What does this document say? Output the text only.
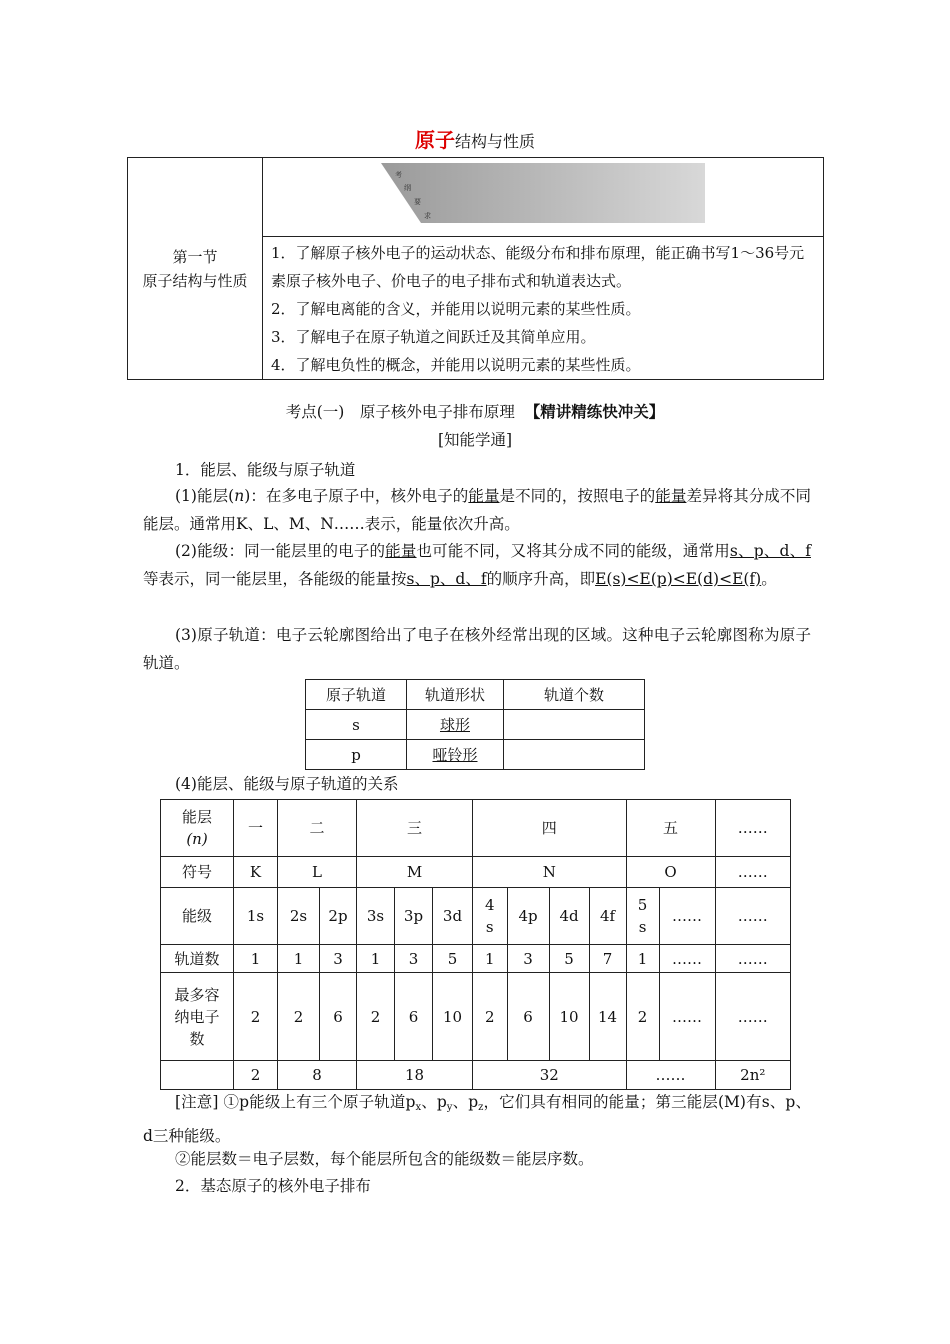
原子结构与性质
第一节
原子结构与性质

考
纲
要
求

1．了解原子核外电子的运动状态、能级分布和排布原理，能正确书写1～36号元素原子核外电子、价电子的电子排布式和轨道表达式。
2．了解电离能的含义，并能用以说明元素的某些性质。
3．了解电子在原子轨道之间跃迁及其简单应用。
4．了解电负性的概念，并能用以说明元素的某些性质。
考点(一)　原子核外电子排布原理 【精讲精练快冲关】
[知能学通]
1．能层、能级与原子轨道
(1)能层(n)：在多电子原子中，核外电子的能量是不同的，按照电子的能量差异将其分成不同能层。通常用K、L、M、N……表示，能量依次升高。
(2)能级：同一能层里的电子的能量也可能不同，又将其分成不同的能级，通常用s、p、d、f等表示，同一能层里，各能级的能量按s、p、d、f的顺序升高，即E(s)<E(p)<E(d)<E(f)。
(3)原子轨道：电子云轮廓图给出了电子在核外经常出现的区域。这种电子云轮廓图称为原子轨道。
原子轨道	轨道形状	轨道个数
s	球形	
p	哑铃形	
(4)能层、能级与原子轨道的关系
能层
(n)	一	二		三			四				五		……
符号	K	L		M			N				O		……
能级	1s	2s	2p	3s	3p	3d	4s	4p	4d	4f	5s	……	……
轨道数	1	1	3	1	3	5	1	3	5	7	1	……	……

最多容
纳电子
数	2	2	6	2	6	10	2	6	10	14	2	……	……
	2	8		18			32				……		2n²
[注意] ①p能级上有三个原子轨道$p_x$、$p_y$、$p_z$，它们具有相同的能量；第三能层(M)有s、p、d三种能级。
②能层数＝电子层数，每个能层所包含的能级数＝能层序数。
2．基态原子的核外电子排布
